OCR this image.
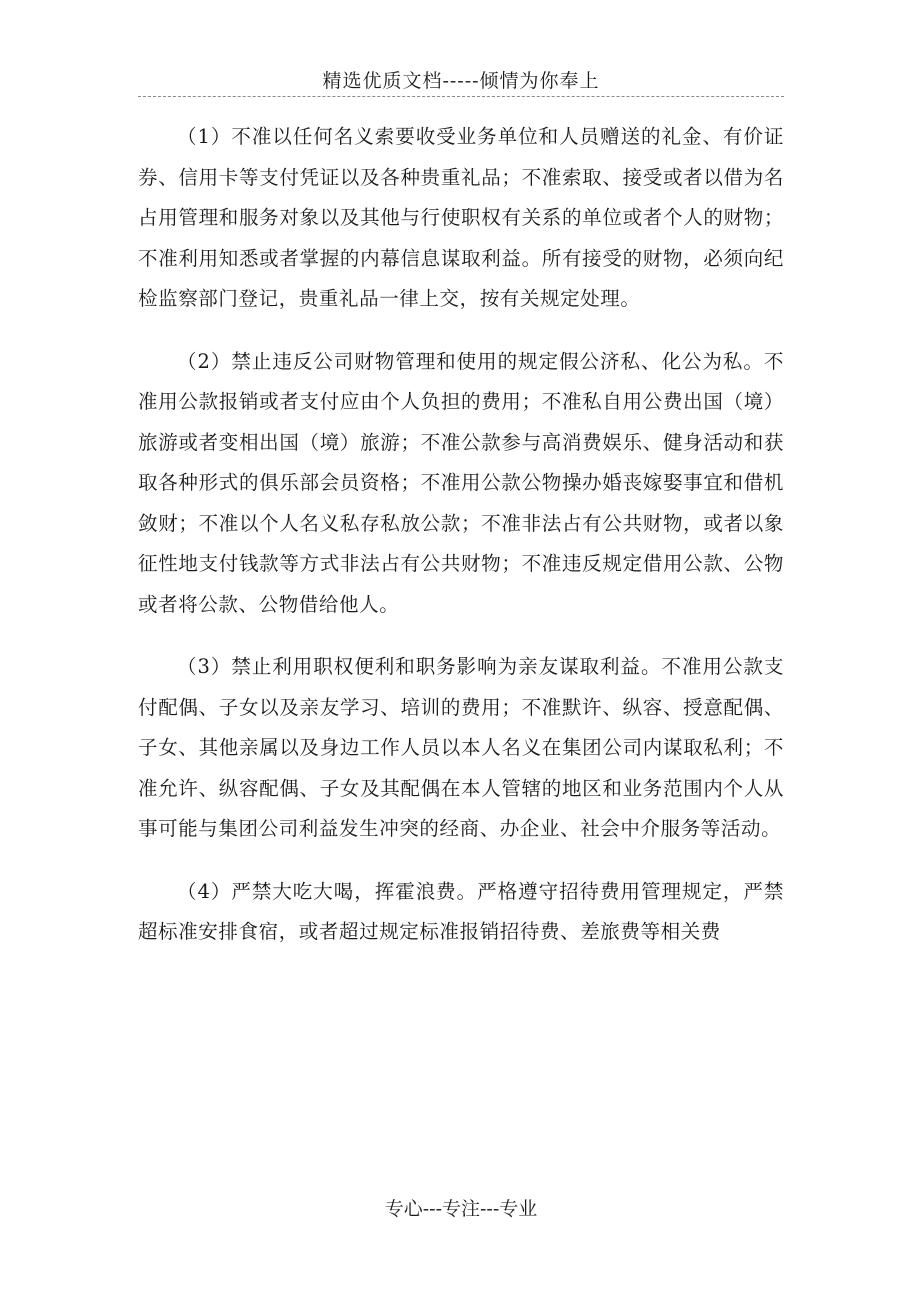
精选优质文档-----倾情为你奉上

（1）不准以任何名义索要收受业务单位和人员赠送的礼金、有价证券、信用卡等支付凭证以及各种贵重礼品；不准索取、接受或者以借为名占用管理和服务对象以及其他与行使职权有关系的单位或者个人的财物；不准利用知悉或者掌握的内幕信息谋取利益。所有接受的财物，必须向纪检监察部门登记，贵重礼品一律上交，按有关规定处理。

（2）禁止违反公司财物管理和使用的规定假公济私、化公为私。不准用公款报销或者支付应由个人负担的费用；不准私自用公费出国（境）旅游或者变相出国（境）旅游；不准公款参与高消费娱乐、健身活动和获取各种形式的俱乐部会员资格；不准用公款公物操办婚丧嫁娶事宜和借机敛财；不准以个人名义私存私放公款；不准非法占有公共财物，或者以象征性地支付钱款等方式非法占有公共财物；不准违反规定借用公款、公物或者将公款、公物借给他人。

（3）禁止利用职权便利和职务影响为亲友谋取利益。不准用公款支付配偶、子女以及亲友学习、培训的费用；不准默许、纵容、授意配偶、子女、其他亲属以及身边工作人员以本人名义在集团公司内谋取私利；不准允许、纵容配偶、子女及其配偶在本人管辖的地区和业务范围内个人从事可能与集团公司利益发生冲突的经商、办企业、社会中介服务等活动。

（4）严禁大吃大喝，挥霍浪费。严格遵守招待费用管理规定，严禁超标准安排食宿，或者超过规定标准报销招待费、差旅费等相关费

专心---专注---专业
